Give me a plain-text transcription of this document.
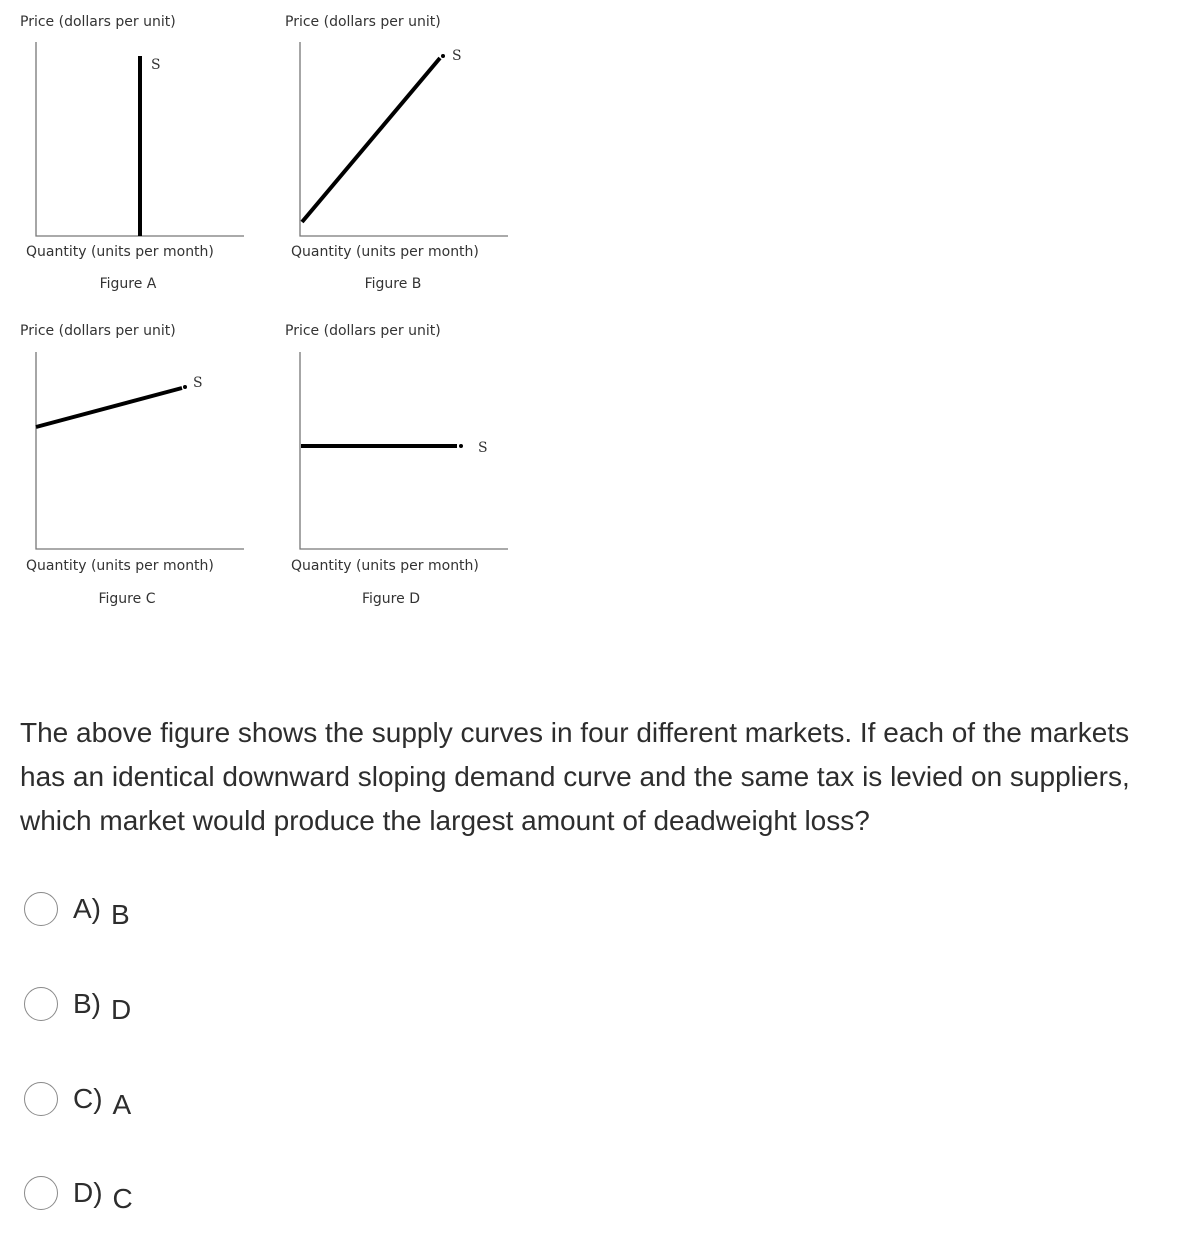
Price (dollars per unit)
S
Quantity (units per month)
Figure A
Price (dollars per unit)
S
Quantity (units per month)
Figure B
Price (dollars per unit)
S
Quantity (units per month)
Figure C
Price (dollars per unit)
S
Quantity (units per month)
Figure D

The above figure shows the supply curves in four different markets. If each of the markets has an identical downward sloping demand curve and the same tax is levied on suppliers, which market would produce the largest amount of deadweight loss?

A) B
B) D
C) A
D) C
